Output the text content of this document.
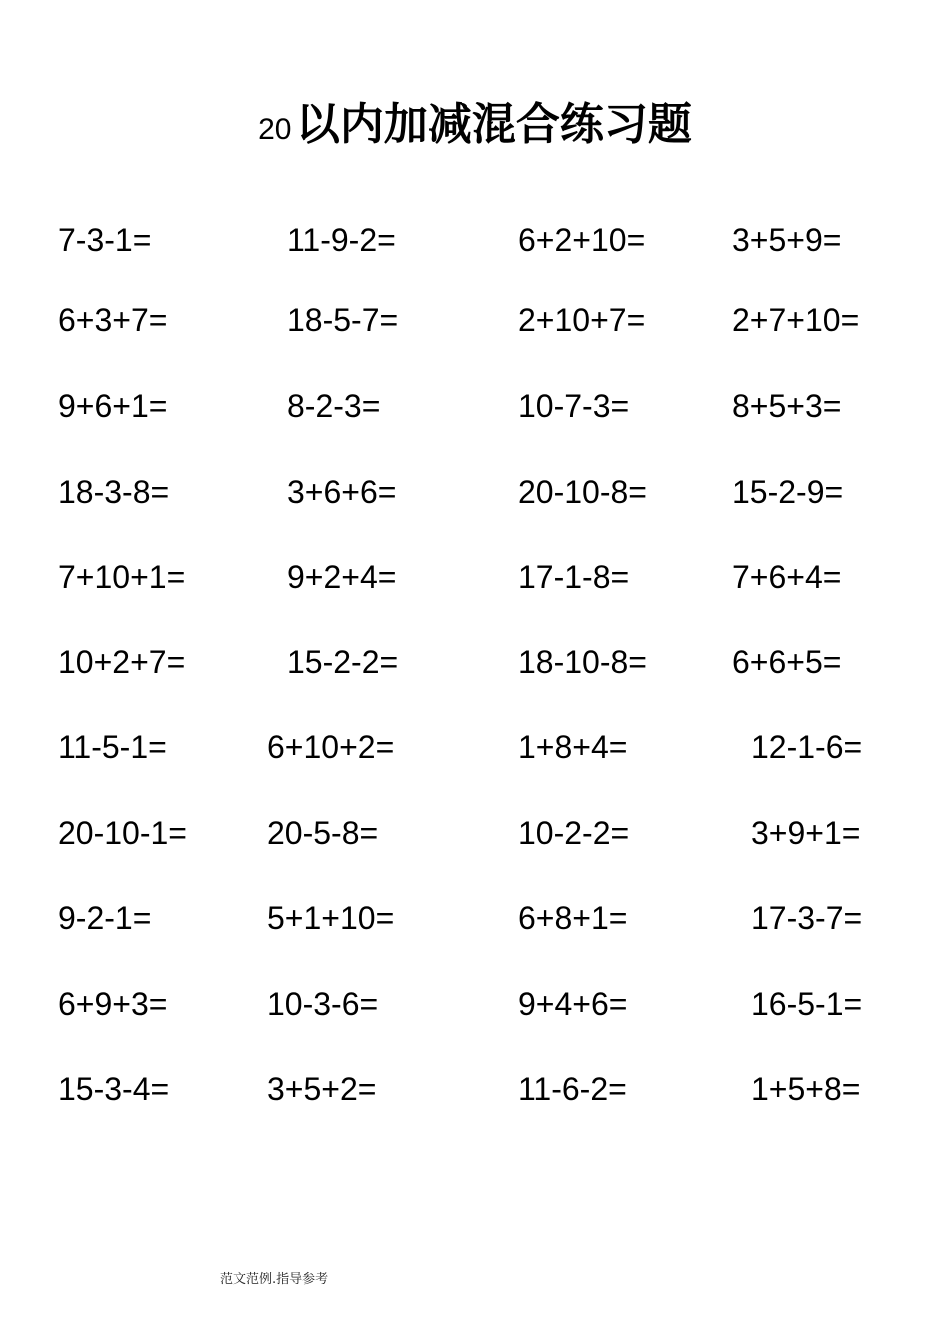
20 以内加减混合练习题
7-3-1=	11-9-2=	6+2+10=	3+5+9=
6+3+7=	18-5-7=	2+10+7=	2+7+10=
9+6+1=	8-2-3=	10-7-3=	8+5+3=
18-3-8=	3+6+6=	20-10-8=	15-2-9=
7+10+1=	9+2+4=	17-1-8=	7+6+4=
10+2+7=	15-2-2=	18-10-8=	6+6+5=
11-5-1=	6+10+2=	1+8+4=	12-1-6=
20-10-1=	20-5-8=	10-2-2=	3+9+1=
9-2-1=	5+1+10=	6+8+1=	17-3-7=
6+9+3=	10-3-6=	9+4+6=	16-5-1=
15-3-4=	3+5+2=	11-6-2=	1+5+8=
范文范例.指导参考
